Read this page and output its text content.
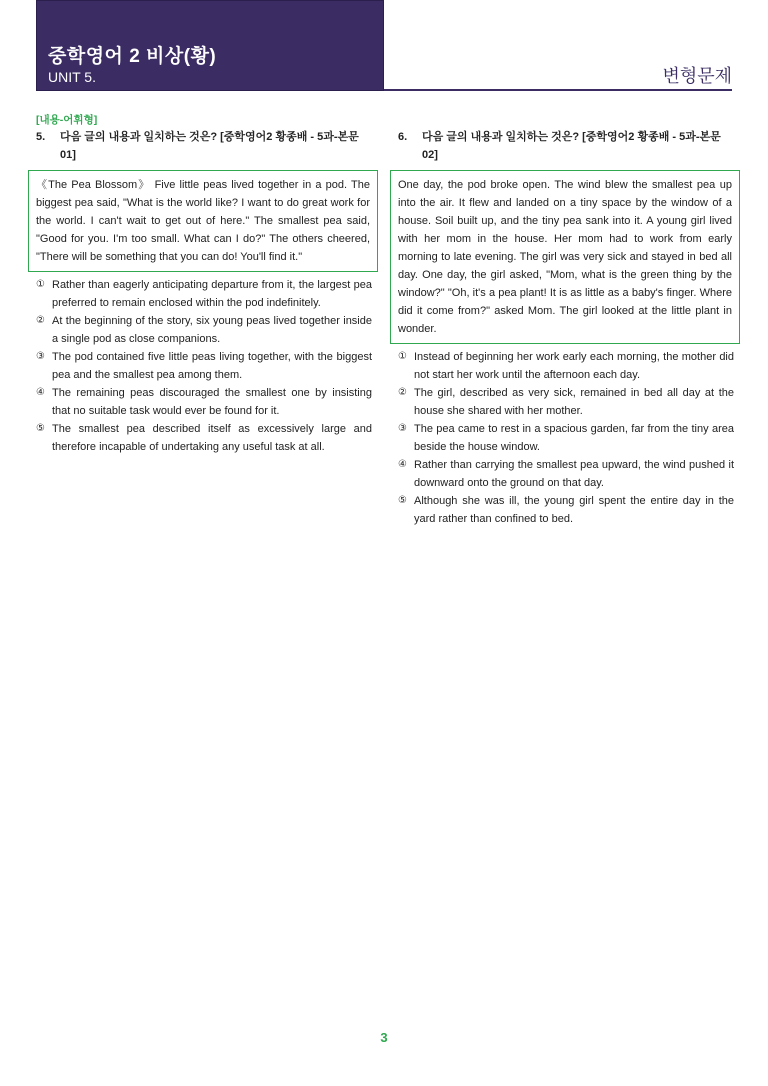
중학영어 2 비상(황)
UNIT 5.	변형문제
[내용-어휘형]
5.	다음 글의 내용과 일치하는 것은? [중학영어2 황종배 - 5과-본문 01]
《The Pea Blossom》 Five little peas lived together in a pod. The biggest pea said, "What is the world like? I want to do great work for the world. I can't wait to get out of here." The smallest pea said, "Good for you. I'm too small. What can I do?" The others cheered, "There will be something that you can do! You'll find it."
① Rather than eagerly anticipating departure from it, the largest pea preferred to remain enclosed within the pod indefinitely.
② At the beginning of the story, six young peas lived together inside a single pod as close companions.
③ The pod contained five little peas living together, with the biggest pea and the smallest pea among them.
④ The remaining peas discouraged the smallest one by insisting that no suitable task would ever be found for it.
⑤ The smallest pea described itself as excessively large and therefore incapable of undertaking any useful task at all.
6.	다음 글의 내용과 일치하는 것은? [중학영어2 황종배 - 5과-본문 02]
One day, the pod broke open. The wind blew the smallest pea up into the air. It flew and landed on a tiny space by the window of a house. Soil built up, and the tiny pea sank into it. A young girl lived with her mom in the house. Her mom had to work from early morning to late evening. The girl was very sick and stayed in bed all day. One day, the girl asked, "Mom, what is the green thing by the window?" "Oh, it's a pea plant! It is as little as a baby's finger. Where did it come from?" asked Mom. The girl looked at the little plant in wonder.
① Instead of beginning her work early each morning, the mother did not start her work until the afternoon each day.
② The girl, described as very sick, remained in bed all day at the house she shared with her mother.
③ The pea came to rest in a spacious garden, far from the tiny area beside the house window.
④ Rather than carrying the smallest pea upward, the wind pushed it downward onto the ground on that day.
⑤ Although she was ill, the young girl spent the entire day in the yard rather than confined to bed.
3
